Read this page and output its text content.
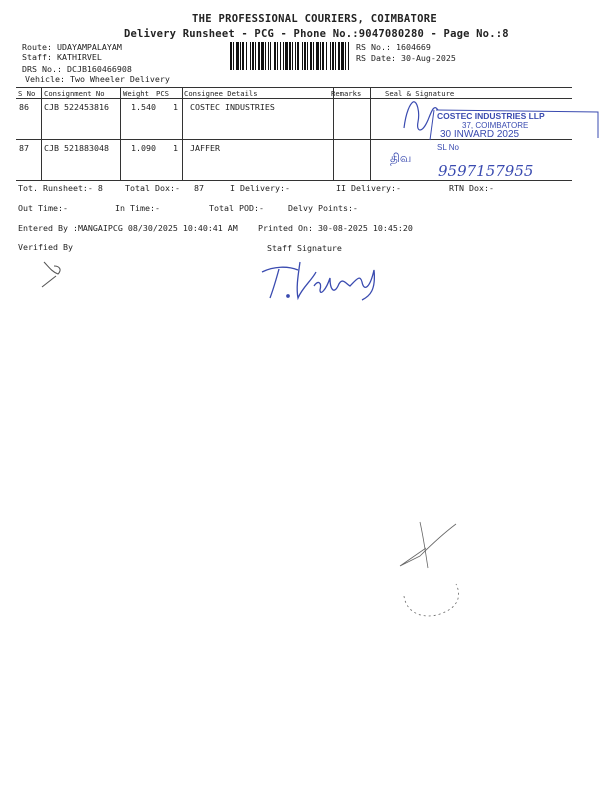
THE PROFESSIONAL COURIERS, COIMBATORE
Delivery Runsheet - PCG - Phone No.:9047080280 - Page No.:8
Route: UDAYAMPALAYAM
Staff: KATHIRVEL
DRS No.: DCJB160466908
Vehicle: Two Wheeler Delivery
RS No.: 1604669
RS Date: 30-Aug-2025
S No Consignment No	Weight PCS Consignee Details	Remarks	Seal & Signature
86 CJB 522453816	1.540 1 COSTEC INDUSTRIES
87 CJB 521883048	1.090 1 JAFFER
COSTEC INDUSTRIES LLP
37, COIMBATORE
30 INWARD 2025
SL No
திவ
9597157955
Tot. Runsheet:- 8	Total Dox:- 87	I Delivery:-	II Delivery:-	RTN Dox:-
Out Time:-	In Time:-	Total POD:-	Delvy Points:-
Entered By :MANGAIPCG 08/30/2025 10:40:41 AM Printed On: 30-08-2025 10:45:20
Verified By	Staff Signature
